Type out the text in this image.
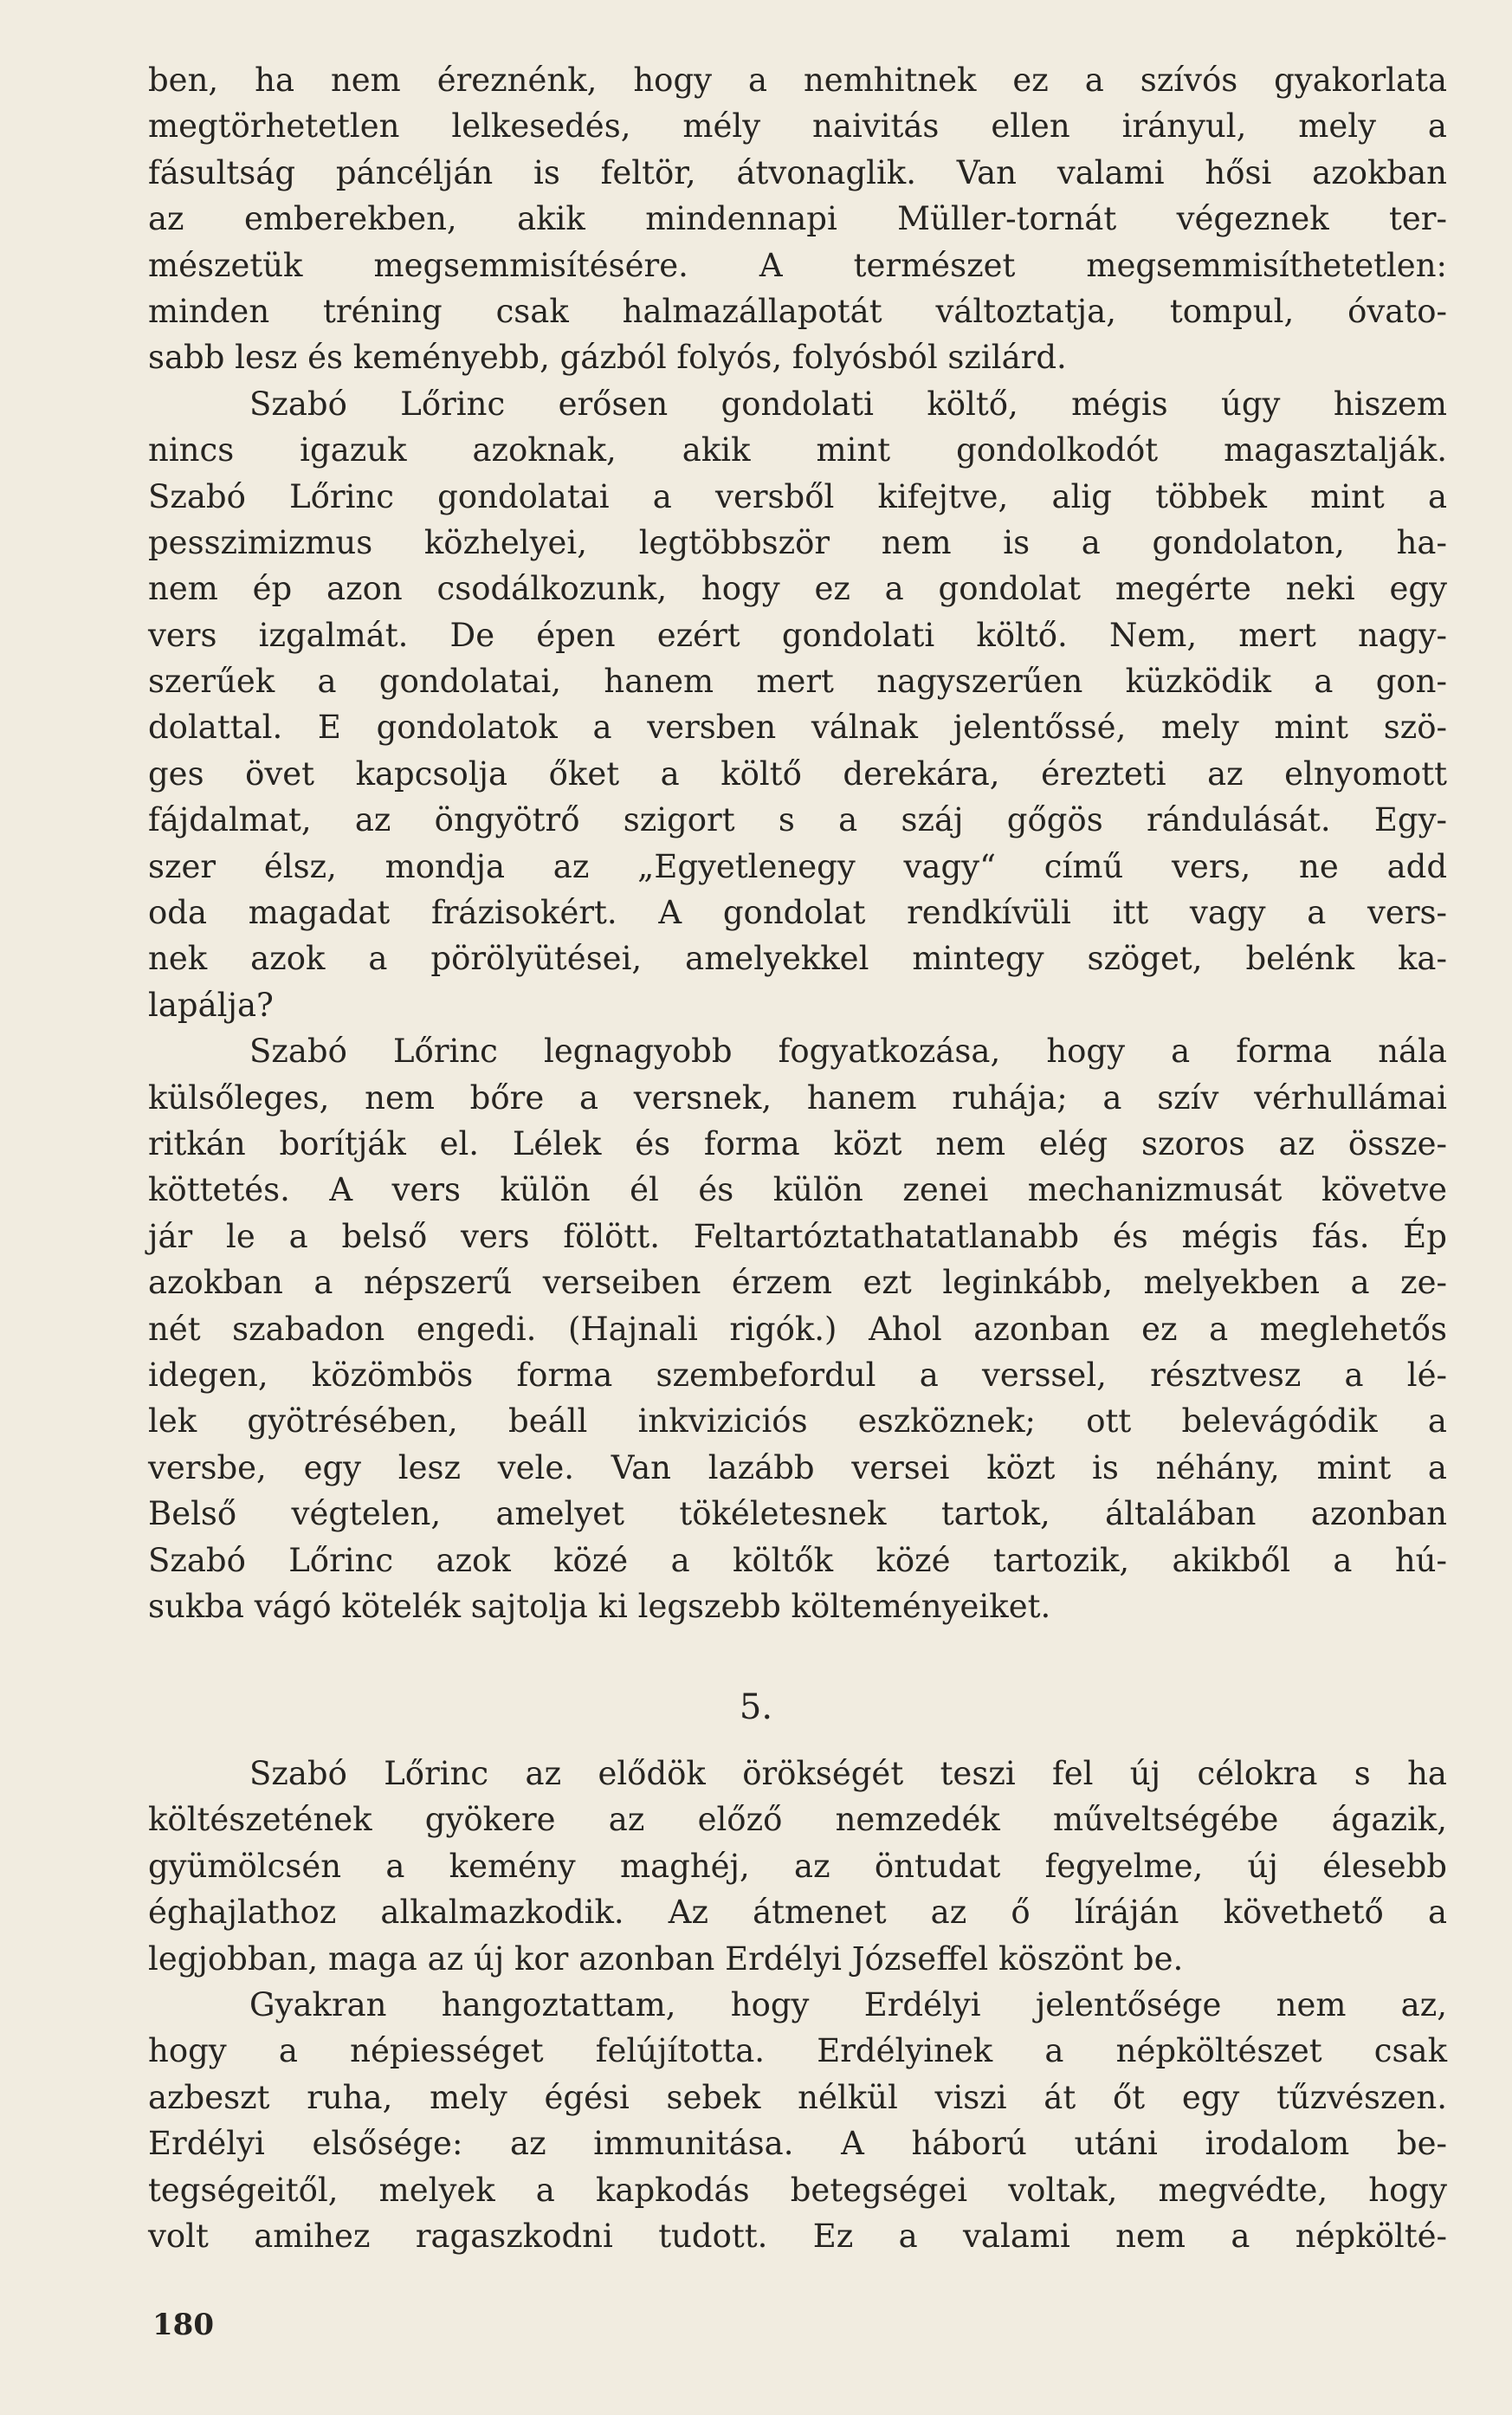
ben, ha nem éreznénk, hogy a nemhitnek ez a szívós gyakorlata
megtörhetetlen lelkesedés, mély naivitás ellen irányul, mely a
fásultság páncélján is feltör, átvonaglik. Van valami hősi azokban
az emberekben, akik mindennapi Müller-tornát végeznek ter-
mészetük megsemmisítésére. A természet megsemmisíthetetlen:
minden tréning csak halmazállapotát változtatja, tompul, óvato-
sabb lesz és keményebb, gázból folyós, folyósból szilárd.
Szabó Lőrinc erősen gondolati költő, mégis úgy hiszem
nincs igazuk azoknak, akik mint gondolkodót magasztalják.
Szabó Lőrinc gondolatai a versből kifejtve, alig többek mint a
pesszimizmus közhelyei, legtöbbször nem is a gondolaton, ha-
nem ép azon csodálkozunk, hogy ez a gondolat megérte neki egy
vers izgalmát. De épen ezért gondolati költő. Nem, mert nagy-
szerűek a gondolatai, hanem mert nagyszerűen küzködik a gon-
dolattal. E gondolatok a versben válnak jelentőssé, mely mint szö-
ges övet kapcsolja őket a költő derekára, érezteti az elnyomott
fájdalmat, az öngyötrő szigort s a száj gőgös rándulását. Egy-
szer élsz, mondja az „Egyetlenegy vagy“ című vers, ne add
oda magadat frázisokért. A gondolat rendkívüli itt vagy a vers-
nek azok a pörölyütései, amelyekkel mintegy szöget, belénk ka-
lapálja?
Szabó Lőrinc legnagyobb fogyatkozása, hogy a forma nála
külsőleges, nem bőre a versnek, hanem ruhája; a szív vérhullámai
ritkán borítják el. Lélek és forma közt nem elég szoros az össze-
köttetés. A vers külön él és külön zenei mechanizmusát követve
jár le a belső vers fölött. Feltartóztathatatlanabb és mégis fás. Ép
azokban a népszerű verseiben érzem ezt leginkább, melyekben a ze-
nét szabadon engedi. (Hajnali rigók.) Ahol azonban ez a meglehetős
idegen, közömbös forma szembefordul a verssel, résztvesz a lé-
lek gyötrésében, beáll inkviziciós eszköznek; ott belevágódik a
versbe, egy lesz vele. Van lazább versei közt is néhány, mint a
Belső végtelen, amelyet tökéletesnek tartok, általában azonban
Szabó Lőrinc azok közé a költők közé tartozik, akikből a hú-
sukba vágó kötelék sajtolja ki legszebb költeményeiket.
5.
Szabó Lőrinc az elődök örökségét teszi fel új célokra s ha
költészetének gyökere az előző nemzedék műveltségébe ágazik,
gyümölcsén a kemény maghéj, az öntudat fegyelme, új élesebb
éghajlathoz alkalmazkodik. Az átmenet az ő líráján követhető a
legjobban, maga az új kor azonban Erdélyi Józseffel köszönt be.
Gyakran hangoztattam, hogy Erdélyi jelentősége nem az,
hogy a népiességet felújította. Erdélyinek a népköltészet csak
azbeszt ruha, mely égési sebek nélkül viszi át őt egy tűzvészen.
Erdélyi elsősége: az immunitása. A háború utáni irodalom be-
tegségeitől, melyek a kapkodás betegségei voltak, megvédte, hogy
volt amihez ragaszkodni tudott. Ez a valami nem a népkölté-
180
